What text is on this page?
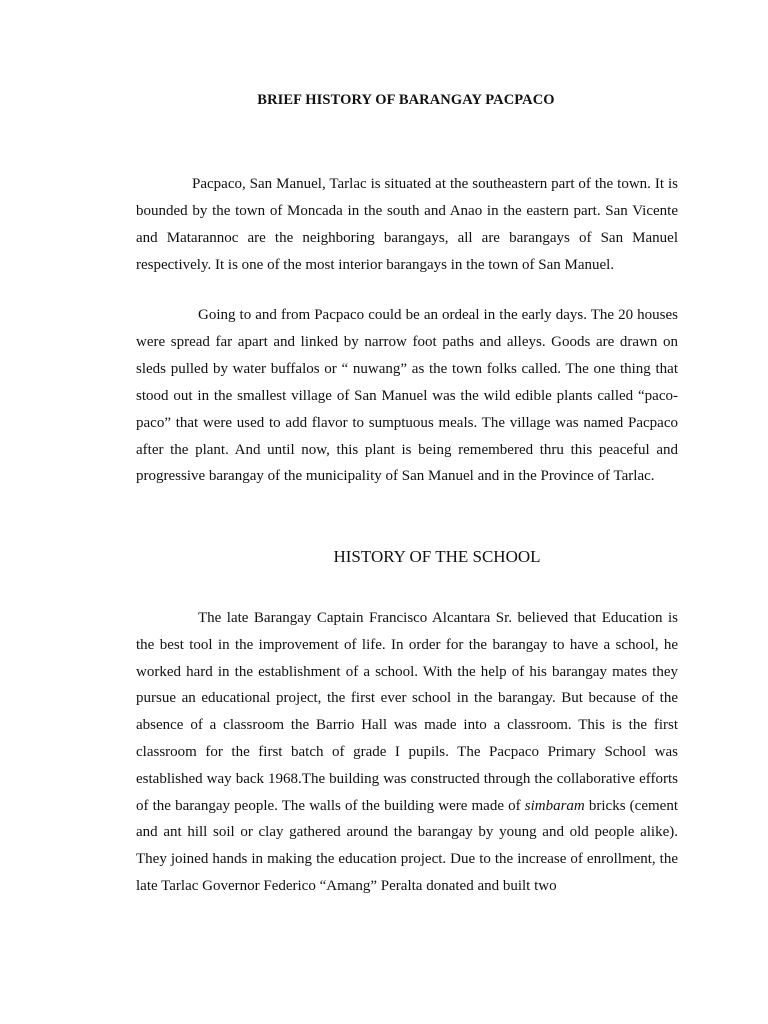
BRIEF HISTORY OF BARANGAY PACPACO

Pacpaco, San Manuel, Tarlac is situated at the southeastern part of the town. It is bounded by the town of Moncada in the south and Anao in the eastern part. San Vicente and Matarannoc are the neighboring barangays, all are barangays of San Manuel respectively. It is one of the most interior barangays in the town of San Manuel.

Going to and from Pacpaco could be an ordeal in the early days. The 20 houses were spread far apart and linked by narrow foot paths and alleys. Goods are drawn on sleds pulled by water buffalos or “ nuwang” as the town folks called. The one thing that stood out in the smallest village of San Manuel was the wild edible plants called “paco-paco” that were used to add flavor to sumptuous meals. The village was named Pacpaco after the plant. And until now, this plant is being remembered thru this peaceful and progressive barangay of the municipality of San Manuel and in the Province of Tarlac.

HISTORY OF THE SCHOOL

The late Barangay Captain Francisco Alcantara Sr. believed that Education is the best tool in the improvement of life. In order for the barangay to have a school, he worked hard in the establishment of a school. With the help of his barangay mates they pursue an educational project, the first ever school in the barangay. But because of the absence of a classroom the Barrio Hall was made into a classroom. This is the first classroom for the first batch of grade I pupils. The Pacpaco Primary School was established way back 1968.The building was constructed through the collaborative efforts of the barangay people. The walls of the building were made of simbaram bricks (cement and ant hill soil or clay gathered around the barangay by young and old people alike). They joined hands in making the education project. Due to the increase of enrollment, the late Tarlac Governor Federico “Amang” Peralta donated and built two
